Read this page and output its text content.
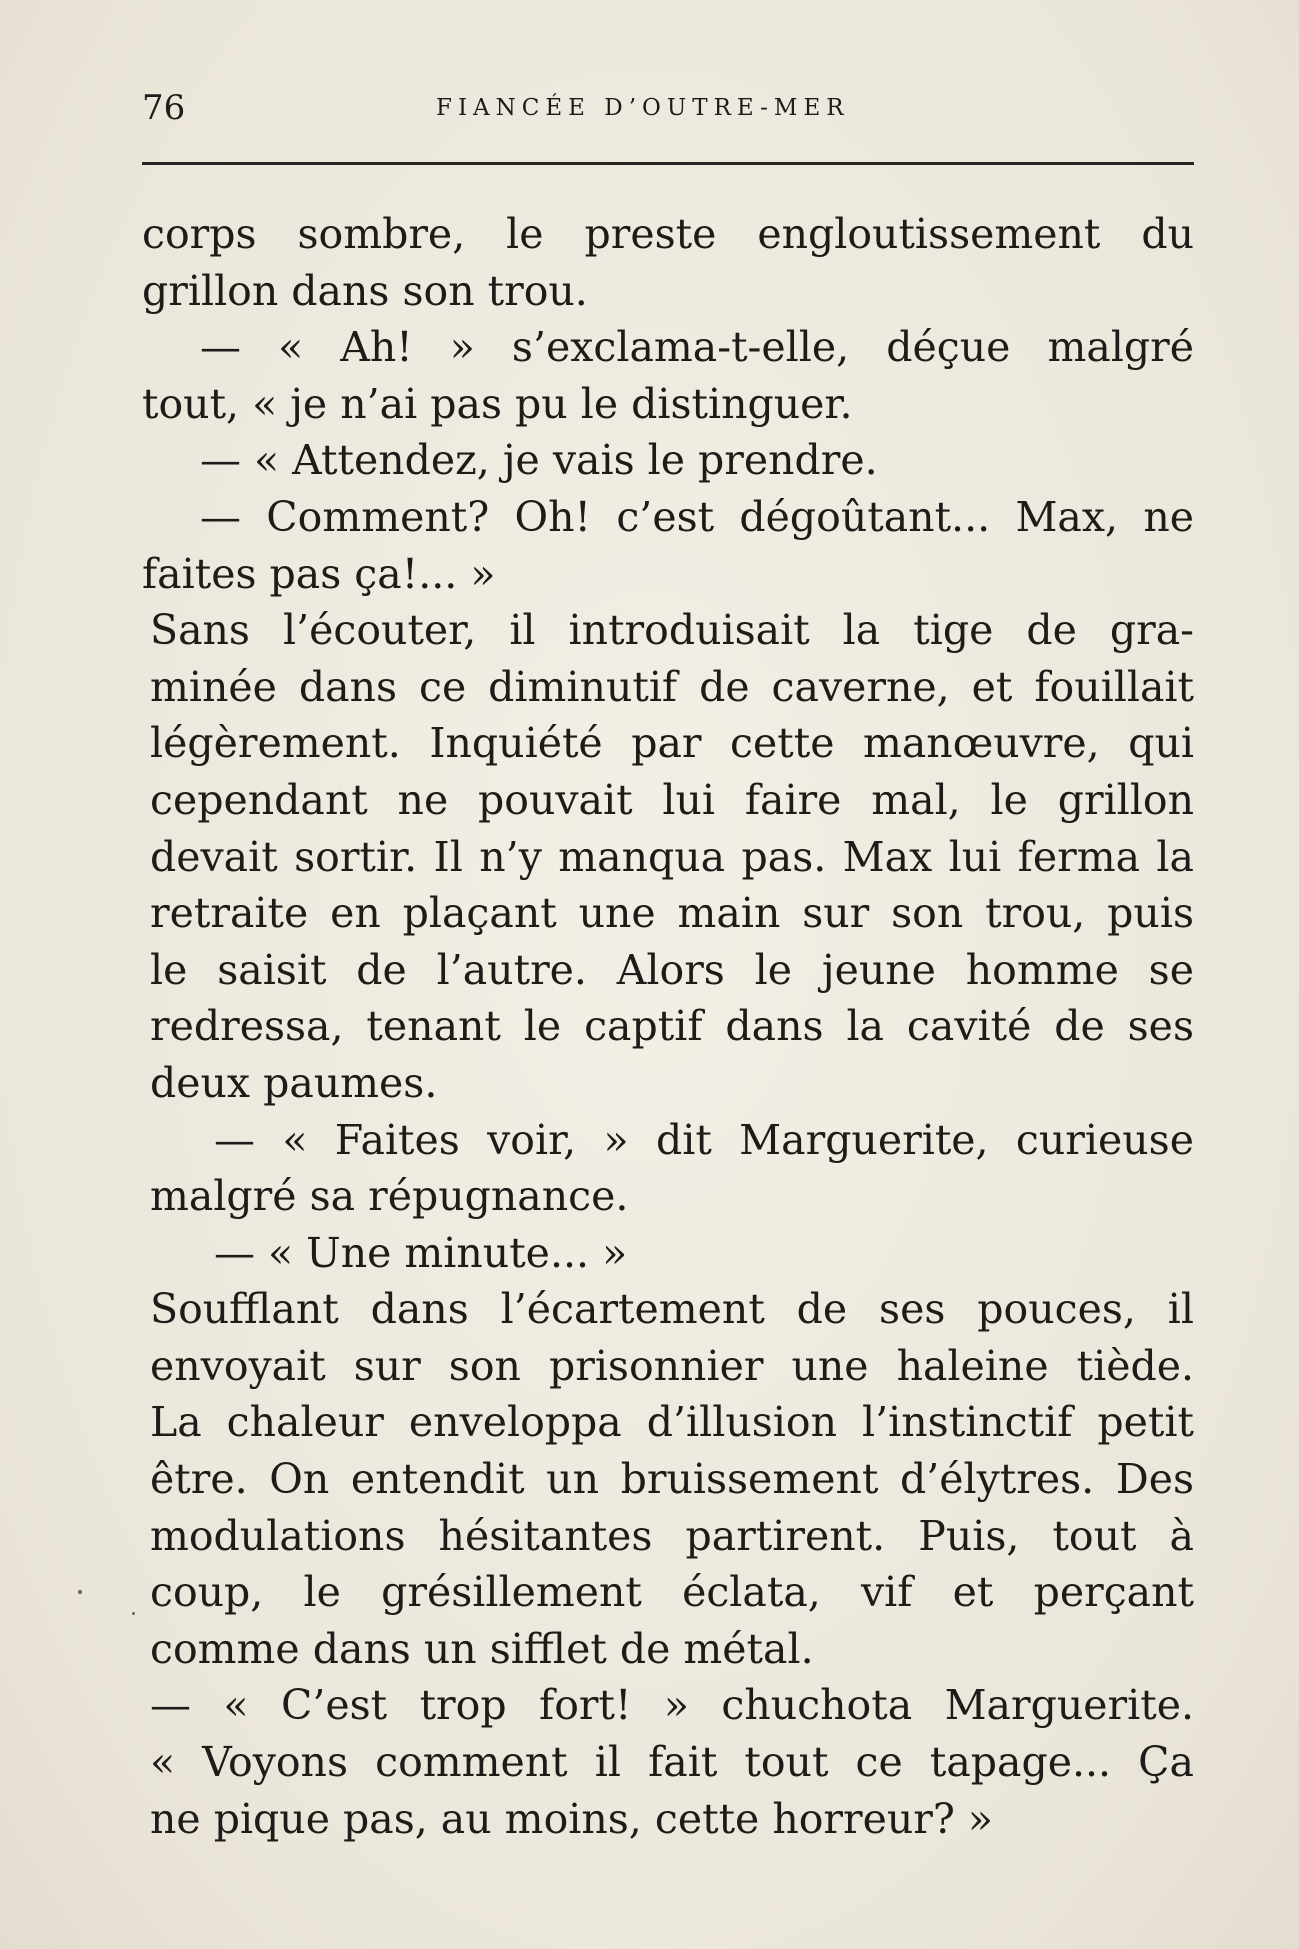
76	FIANCÉE D’OUTRE-MER
corps sombre, le preste engloutissement du
grillon dans son trou.
— « Ah! » s’exclama-t-elle, déçue malgré
tout, « je n’ai pas pu le distinguer.
— « Attendez, je vais le prendre.
— Comment? Oh! c’est dégoûtant... Max, ne
faites pas ça!... »
Sans l’écouter, il introduisait la tige de gra-
minée dans ce diminutif de caverne, et fouillait
légèrement. Inquiété par cette manœuvre, qui
cependant ne pouvait lui faire mal, le grillon
devait sortir. Il n’y manqua pas. Max lui ferma la
retraite en plaçant une main sur son trou, puis
le saisit de l’autre. Alors le jeune homme se
redressa, tenant le captif dans la cavité de ses
deux paumes.
— « Faites voir, » dit Marguerite, curieuse
malgré sa répugnance.
— « Une minute... »
Soufflant dans l’écartement de ses pouces, il
envoyait sur son prisonnier une haleine tiède.
La chaleur enveloppa d’illusion l’instinctif petit
être. On entendit un bruissement d’élytres. Des
modulations hésitantes partirent. Puis, tout à
coup, le grésillement éclata, vif et perçant
comme dans un sifflet de métal.
— « C’est trop fort! » chuchota Marguerite.
« Voyons comment il fait tout ce tapage... Ça
ne pique pas, au moins, cette horreur? »
